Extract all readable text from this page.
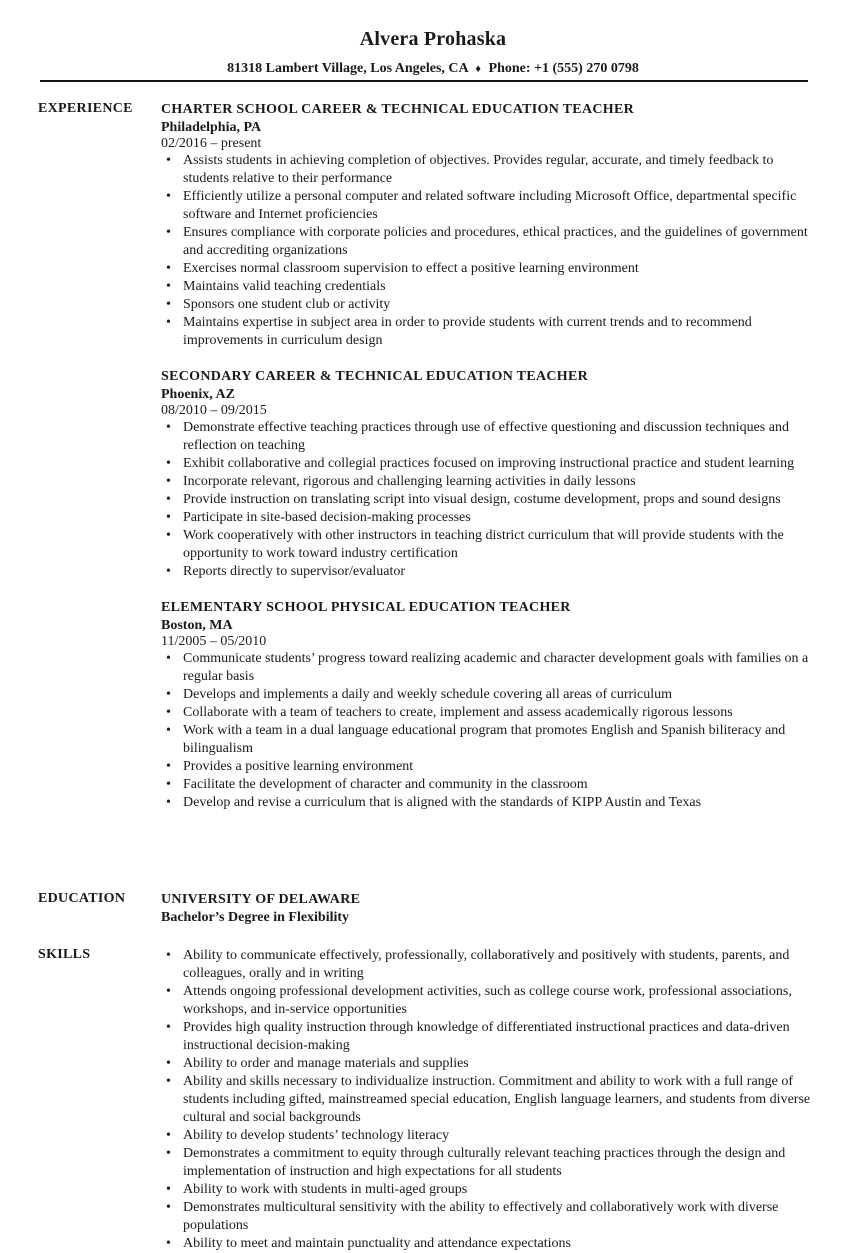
Alvera Prohaska
81318 Lambert Village, Los Angeles, CA ♦ Phone: +1 (555) 270 0798
EXPERIENCE CHARTER SCHOOL CAREER & TECHNICAL EDUCATION TEACHER
Philadelphia, PA
02/2016 – present
• Assists students in achieving completion of objectives. Provides regular, accurate, and timely feedback to students relative to their performance
• Efficiently utilize a personal computer and related software including Microsoft Office, departmental specific software and Internet proficiencies
• Ensures compliance with corporate policies and procedures, ethical practices, and the guidelines of government and accrediting organizations
• Exercises normal classroom supervision to effect a positive learning environment
• Maintains valid teaching credentials
• Sponsors one student club or activity
• Maintains expertise in subject area in order to provide students with current trends and to recommend improvements in curriculum design
SECONDARY CAREER & TECHNICAL EDUCATION TEACHER
Phoenix, AZ
08/2010 – 09/2015
• Demonstrate effective teaching practices through use of effective questioning and discussion techniques and reflection on teaching
• Exhibit collaborative and collegial practices focused on improving instructional practice and student learning
• Incorporate relevant, rigorous and challenging learning activities in daily lessons
• Provide instruction on translating script into visual design, costume development, props and sound designs
• Participate in site-based decision-making processes
• Work cooperatively with other instructors in teaching district curriculum that will provide students with the opportunity to work toward industry certification
• Reports directly to supervisor/evaluator
ELEMENTARY SCHOOL PHYSICAL EDUCATION TEACHER
Boston, MA
11/2005 – 05/2010
• Communicate students’ progress toward realizing academic and character development goals with families on a regular basis
• Develops and implements a daily and weekly schedule covering all areas of curriculum
• Collaborate with a team of teachers to create, implement and assess academically rigorous lessons
• Work with a team in a dual language educational program that promotes English and Spanish biliteracy and bilingualism
• Provides a positive learning environment
• Facilitate the development of character and community in the classroom
• Develop and revise a curriculum that is aligned with the standards of KIPP Austin and Texas
EDUCATION	UNIVERSITY OF DELAWARE
Bachelor’s Degree in Flexibility
SKILLS
•	Ability to communicate effectively, professionally, collaboratively and positively with students, parents, and colleagues, orally and in writing
• Attends ongoing professional development activities, such as college course work, professional associations, workshops, and in-service opportunities
• Provides high quality instruction through knowledge of differentiated instructional practices and data-driven instructional decision-making
• Ability to order and manage materials and supplies
• Ability and skills necessary to individualize instruction. Commitment and ability to work with a full range of students including gifted, mainstreamed special education, English language learners, and students from diverse cultural and social backgrounds
• Ability to develop students’ technology literacy
• Demonstrates a commitment to equity through culturally relevant teaching practices through the design and implementation of instruction and high expectations for all students
• Ability to work with students in multi-aged groups
• Demonstrates multicultural sensitivity with the ability to effectively and collaboratively work with diverse populations
• Ability to meet and maintain punctuality and attendance expectations
